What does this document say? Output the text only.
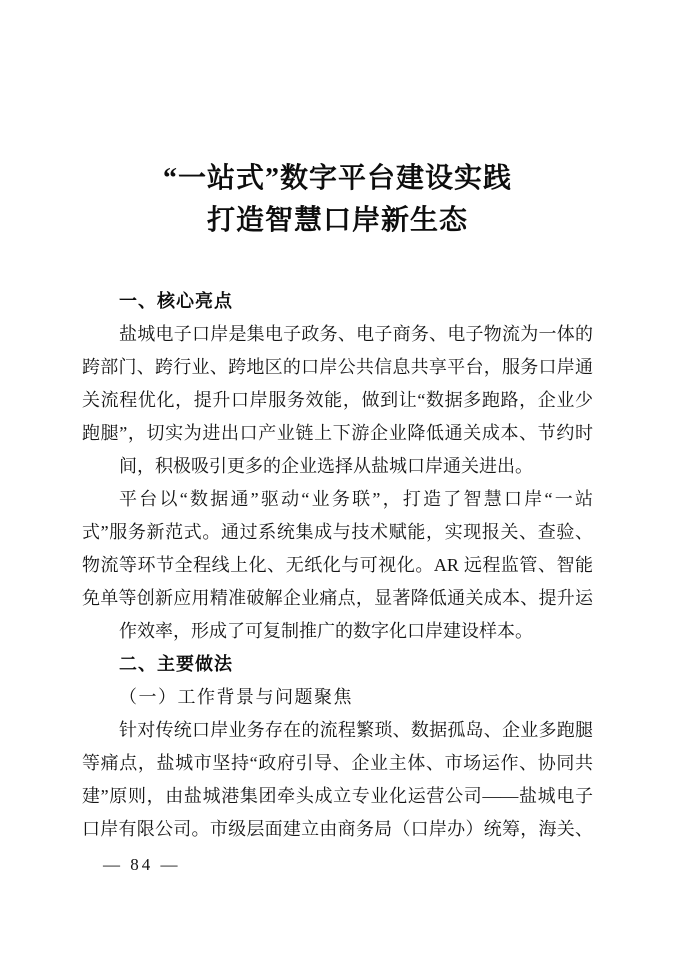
“一站式”数字平台建设实践
打造智慧口岸新生态
一、核心亮点
盐城电子口岸是集电子政务、电子商务、电子物流为一体的
跨部门、跨行业、跨地区的口岸公共信息共享平台，服务口岸通
关流程优化，提升口岸服务效能，做到让“数据多跑路，企业少
跑腿”，切实为进出口产业链上下游企业降低通关成本、节约时
间，积极吸引更多的企业选择从盐城口岸通关进出。
平台以“数据通”驱动“业务联”，打造了智慧口岸“一站
式”服务新范式。通过系统集成与技术赋能，实现报关、查验、
物流等环节全程线上化、无纸化与可视化。AR 远程监管、智能
免单等创新应用精准破解企业痛点，显著降低通关成本、提升运
作效率，形成了可复制推广的数字化口岸建设样本。
二、主要做法
（一）工作背景与问题聚焦
针对传统口岸业务存在的流程繁琐、数据孤岛、企业多跑腿
等痛点，盐城市坚持“政府引导、企业主体、市场运作、协同共
建”原则，由盐城港集团牵头成立专业化运营公司——盐城电子
口岸有限公司。市级层面建立由商务局（口岸办）统筹，海关、
— 84 —
